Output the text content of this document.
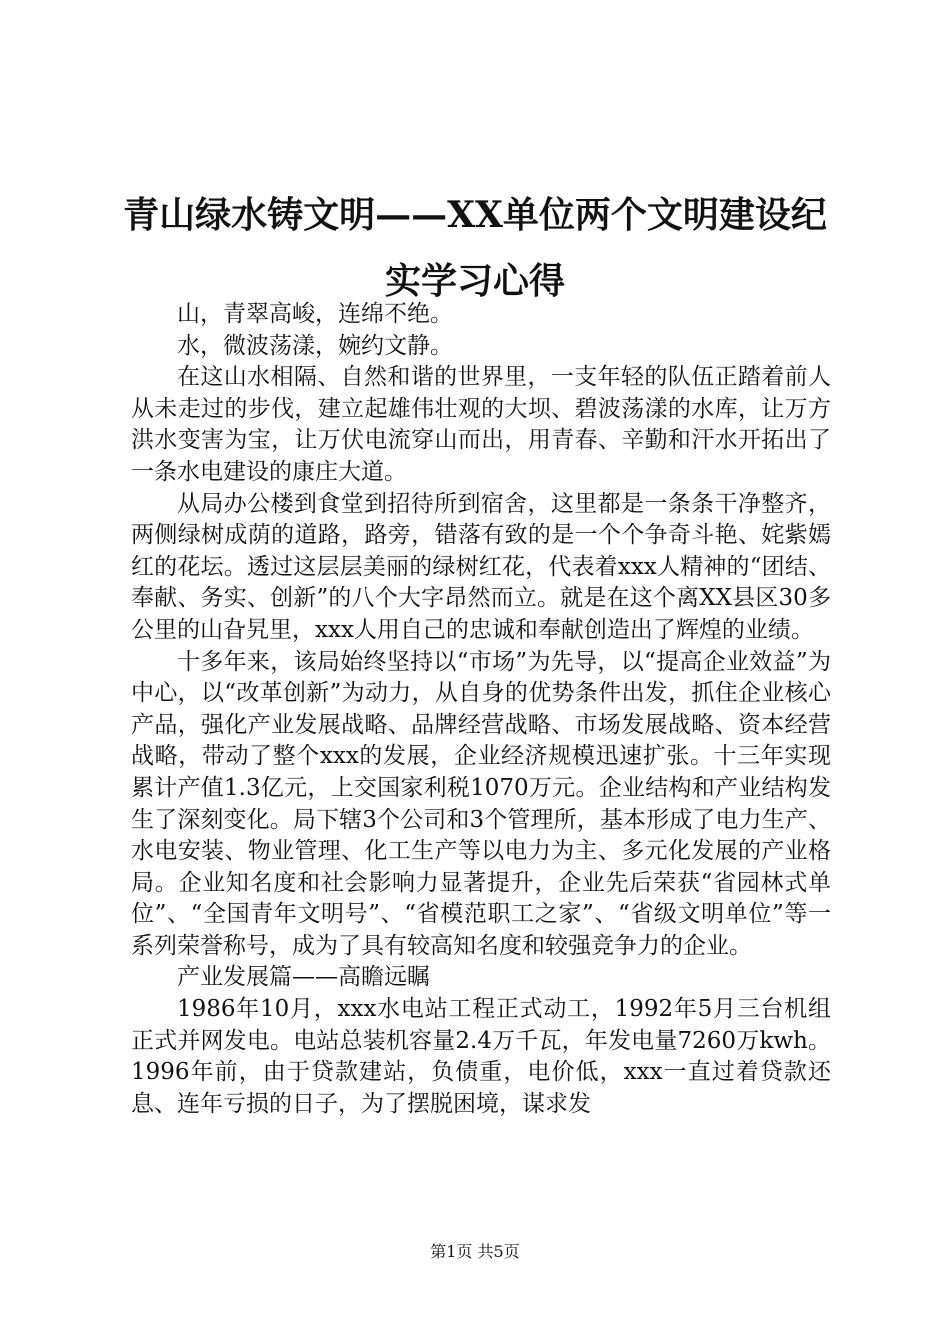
青山绿水铸文明——XX单位两个文明建设纪
实学习心得

山，青翠高峻，连绵不绝。

水，微波荡漾，婉约文静。

在这山水相隔、自然和谐的世界里，一支年轻的队伍正踏着前人从未走过的步伐，建立起雄伟壮观的大坝、碧波荡漾的水库，让万方洪水变害为宝，让万伏电流穿山而出，用青春、辛勤和汗水开拓出了一条水电建设的康庄大道。

从局办公楼到食堂到招待所到宿舍，这里都是一条条干净整齐，两侧绿树成荫的道路，路旁，错落有致的是一个个争奇斗艳、姹紫嫣红的花坛。透过这层层美丽的绿树红花，代表着xxx人精神的“团结、奉献、务实、创新”的八个大字昂然而立。就是在这个离XX县区30多公里的山旮旯里，xxx人用自己的忠诚和奉献创造出了辉煌的业绩。

十多年来，该局始终坚持以“市场”为先导，以“提高企业效益”为中心，以“改革创新”为动力，从自身的优势条件出发，抓住企业核心产品，强化产业发展战略、品牌经营战略、市场发展战略、资本经营战略，带动了整个xxx的发展，企业经济规模迅速扩张。十三年实现累计产值1.3亿元，上交国家利税1070万元。企业结构和产业结构发生了深刻变化。局下辖3个公司和3个管理所，基本形成了电力生产、水电安装、物业管理、化工生产等以电力为主、多元化发展的产业格局。企业知名度和社会影响力显著提升，企业先后荣获“省园林式单位”、“全国青年文明号”、“省模范职工之家”、“省级文明单位”等一系列荣誉称号，成为了具有较高知名度和较强竞争力的企业。

产业发展篇——高瞻远瞩

1986年10月，xxx水电站工程正式动工，1992年5月三台机组正式并网发电。电站总装机容量2.4万千瓦，年发电量7260万kwh。1996年前，由于贷款建站，负债重，电价低，xxx一直过着贷款还息、连年亏损的日子，为了摆脱困境，谋求发

第1页 共5页
